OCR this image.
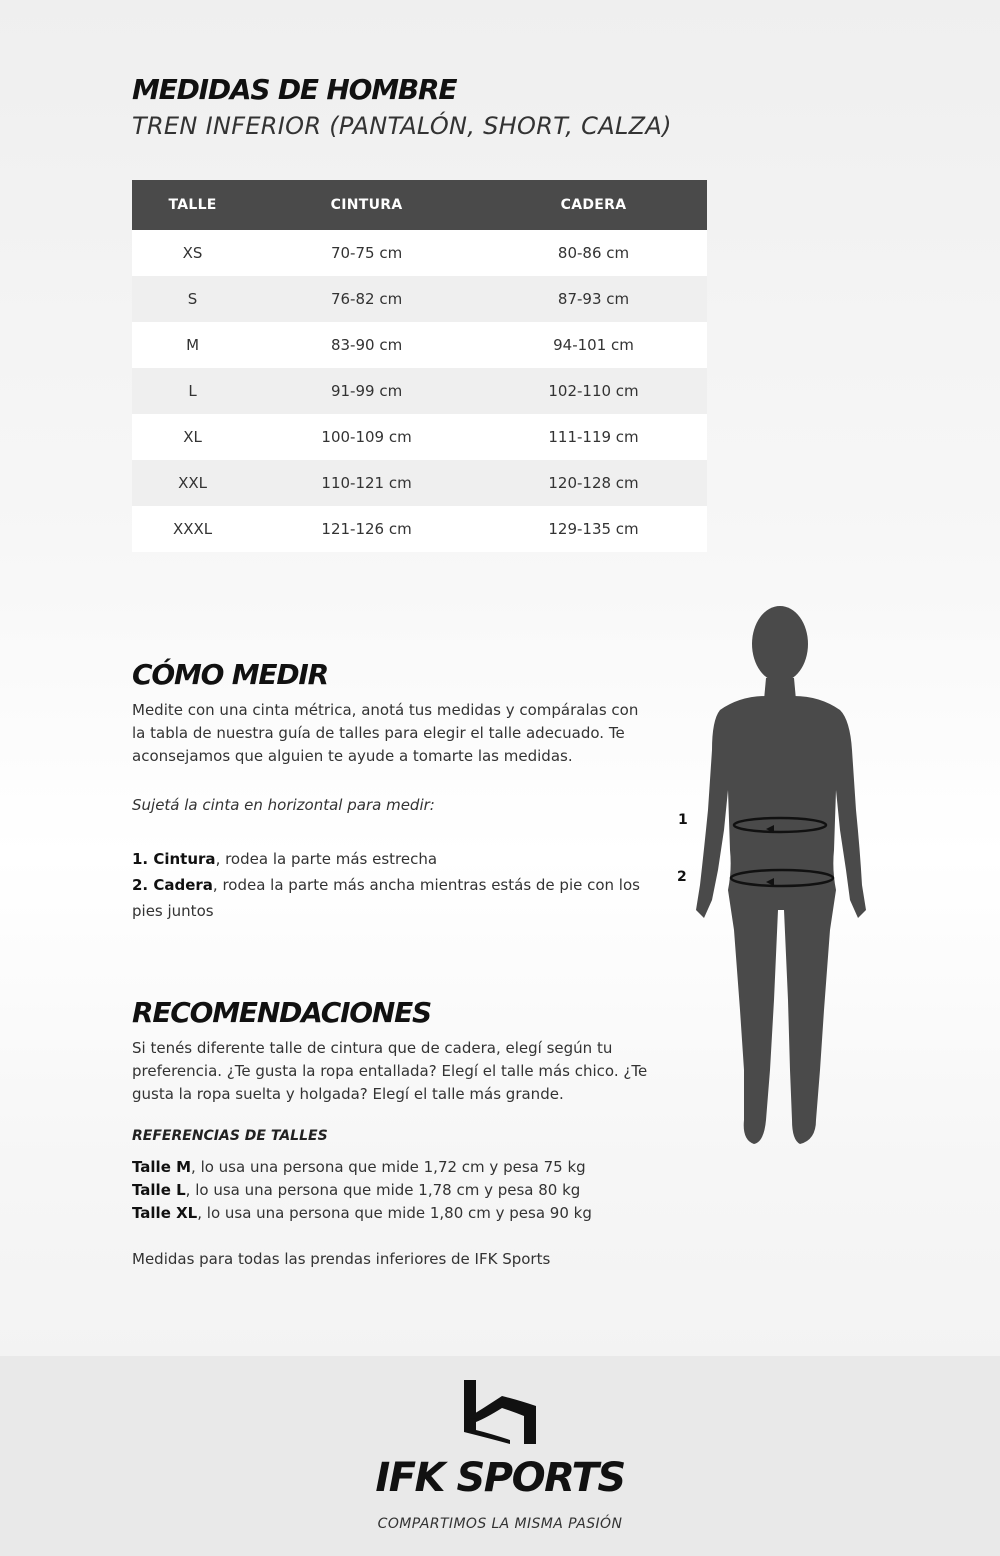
MEDIDAS DE HOMBRE
TREN INFERIOR (PANTALÓN, SHORT, CALZA)
TALLE	CINTURA	CADERA
XS	70-75 cm	80-86 cm
S	76-82 cm	87-93 cm
M	83-90 cm	94-101 cm
L	91-99 cm	102-110 cm
XL	100-109 cm	111-119 cm
XXL	110-121 cm	120-128 cm
XXXL	121-126 cm	129-135 cm
CÓMO MEDIR
Medite con una cinta métrica, anotá tus medidas y compáralas con la tabla de nuestra guía de talles para elegir el talle adecuado. Te aconsejamos que alguien te ayude a tomarte las medidas.
Sujetá la cinta en horizontal para medir:
1. Cintura, rodea la parte más estrecha
2. Cadera, rodea la parte más ancha mientras estás de pie con los pies juntos
1
2
RECOMENDACIONES
Si tenés diferente talle de cintura que de cadera, elegí según tu preferencia. ¿Te gusta la ropa entallada? Elegí el talle más chico. ¿Te gusta la ropa suelta y holgada? Elegí el talle más grande.
REFERENCIAS DE TALLES
Talle M, lo usa una persona que mide 1,72 cm y pesa 75 kg
Talle L, lo usa una persona que mide 1,78 cm y pesa 80 kg
Talle XL, lo usa una persona que mide 1,80 cm y pesa 90 kg
Medidas para todas las prendas inferiores de IFK Sports
IFK SPORTS
COMPARTIMOS LA MISMA PASIÓN
